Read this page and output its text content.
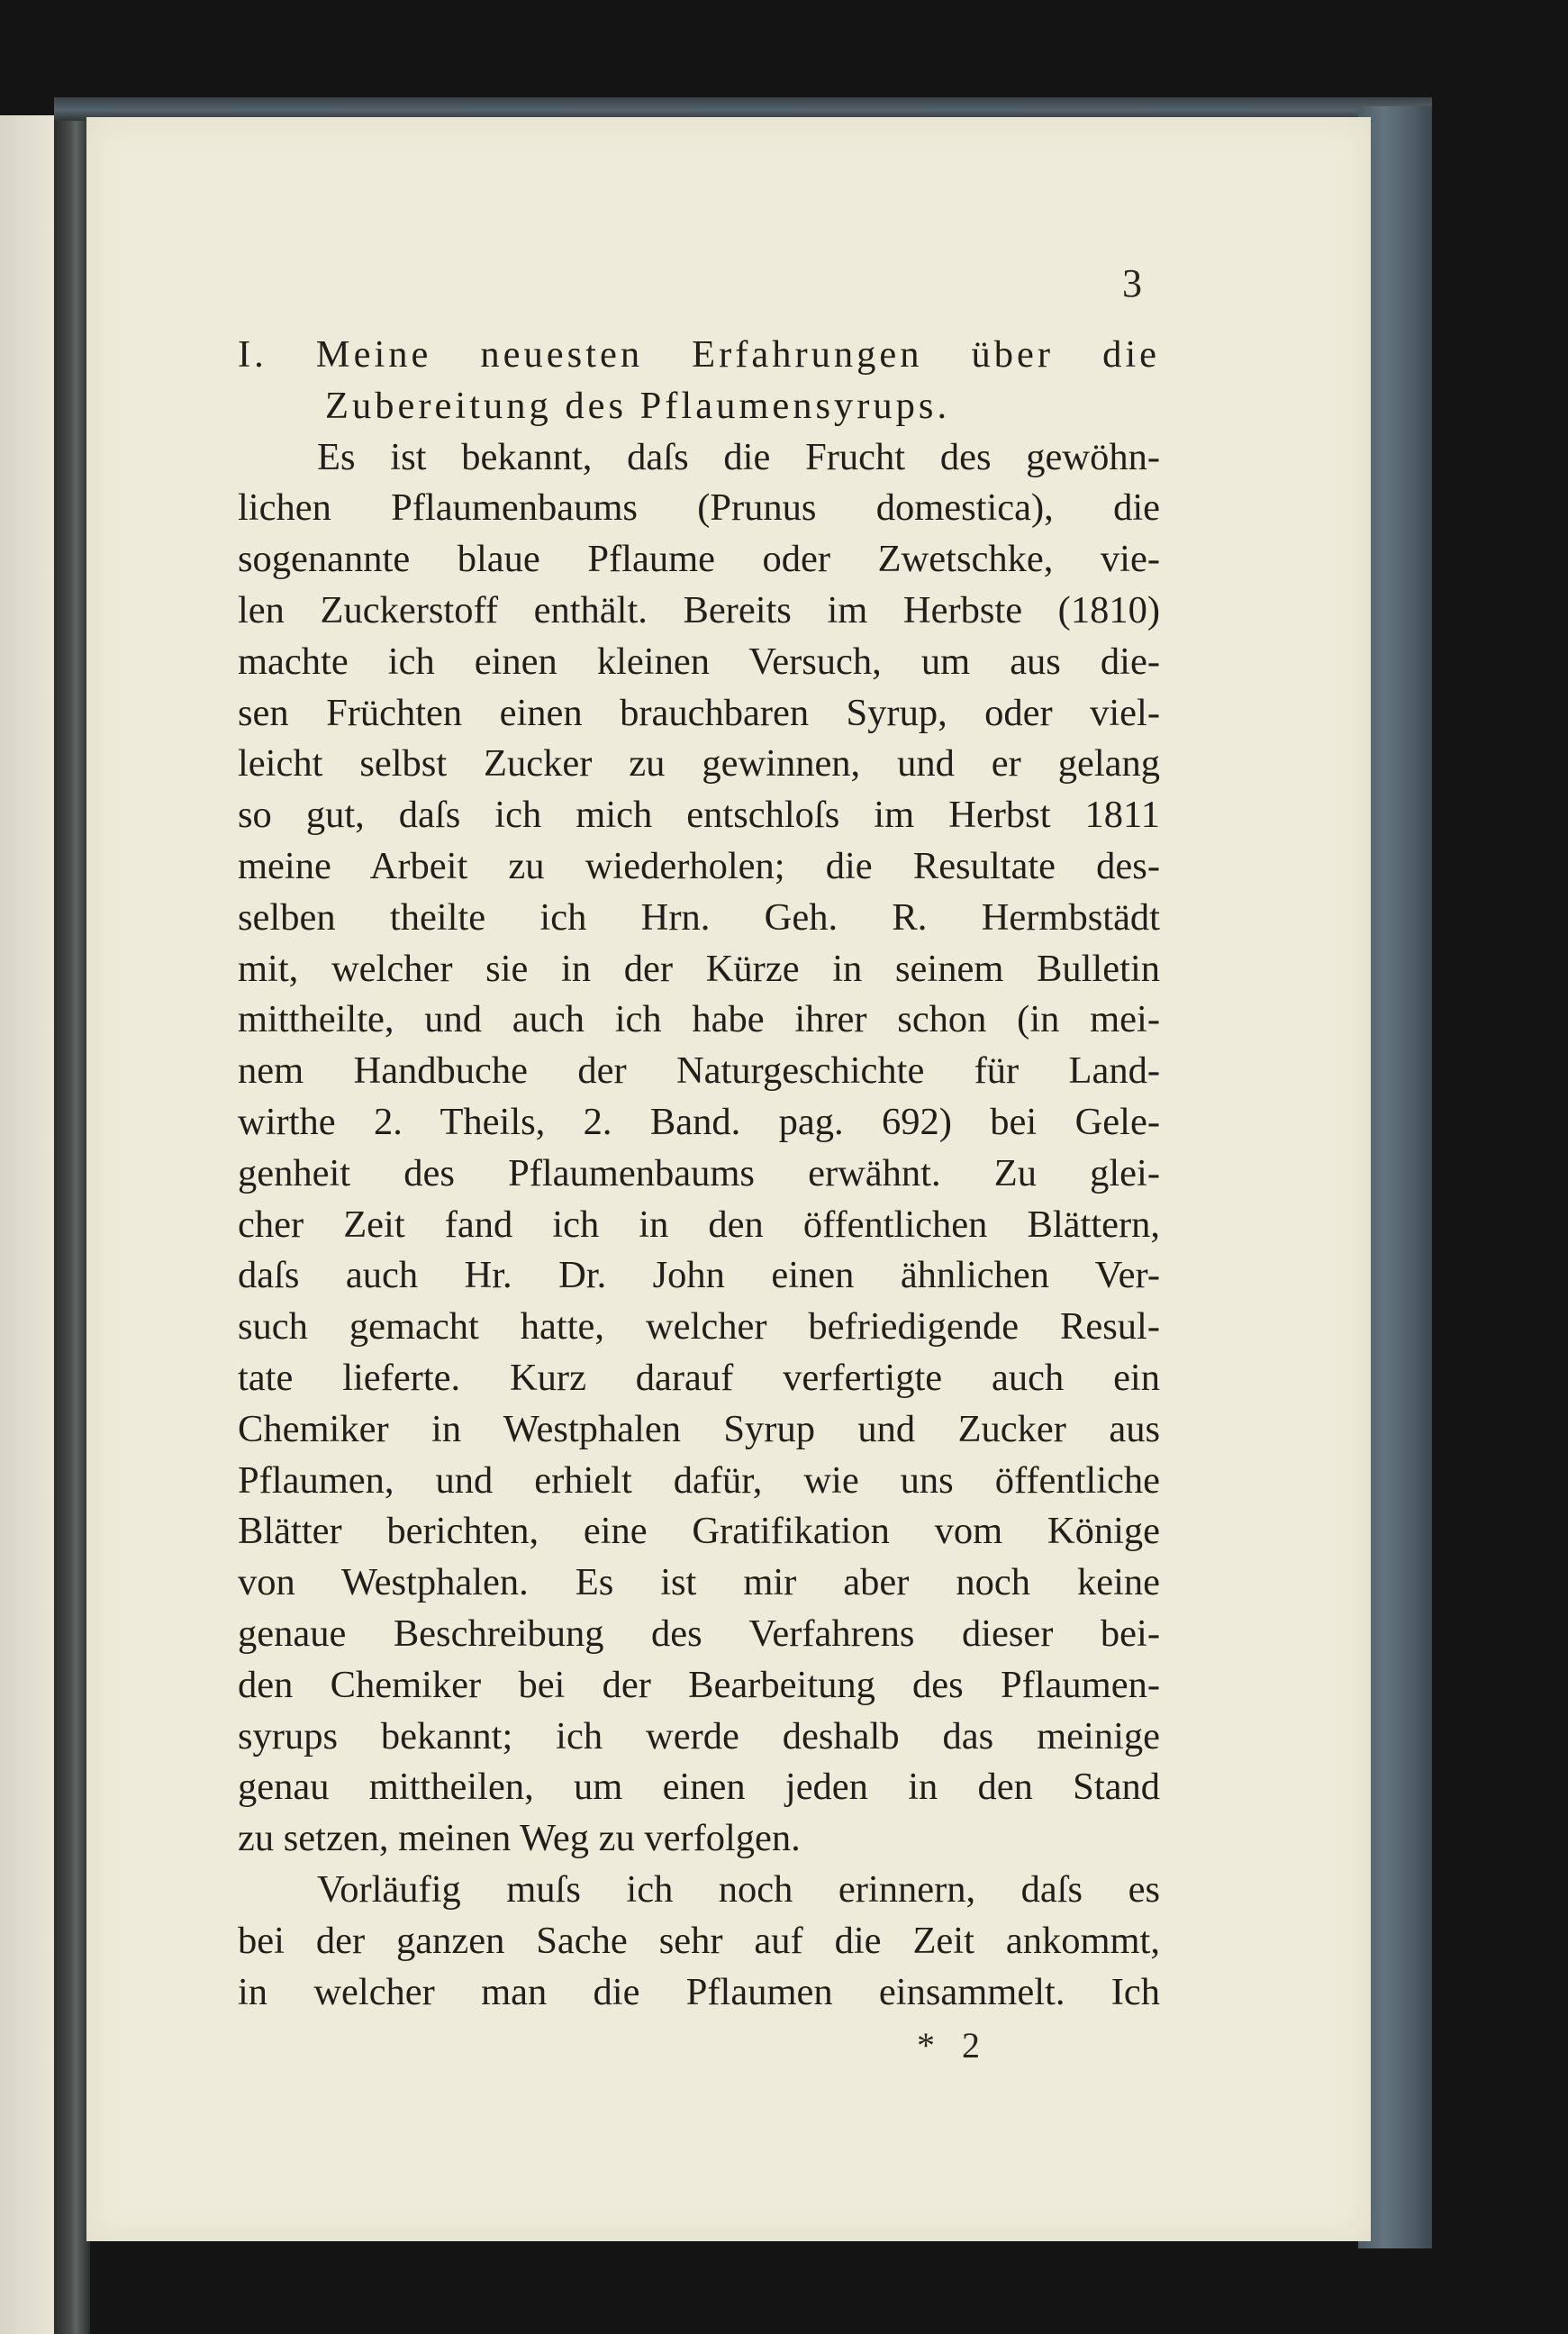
3
I. Meine neuesten Erfahrungen über die
Zubereitung des Pflaumensyrups.
Es ist bekannt, daſs die Frucht des gewöhn-
lichen Pflaumenbaums (Prunus domestica), die
sogenannte blaue Pflaume oder Zwetschke, vie-
len Zuckerstoff enthält. Bereits im Herbste (1810)
machte ich einen kleinen Versuch, um aus die-
sen Früchten einen brauchbaren Syrup, oder viel-
leicht selbst Zucker zu gewinnen, und er gelang
so gut, daſs ich mich entschloſs im Herbst 1811
meine Arbeit zu wiederholen; die Resultate des-
selben theilte ich Hrn. Geh. R. Hermbstädt
mit, welcher sie in der Kürze in seinem Bulletin
mittheilte, und auch ich habe ihrer schon (in mei-
nem Handbuche der Naturgeschichte für Land-
wirthe 2. Theils, 2. Band. pag. 692) bei Gele-
genheit des Pflaumenbaums erwähnt. Zu glei-
cher Zeit fand ich in den öffentlichen Blättern,
daſs auch Hr. Dr. John einen ähnlichen Ver-
such gemacht hatte, welcher befriedigende Resul-
tate lieferte. Kurz darauf verfertigte auch ein
Chemiker in Westphalen Syrup und Zucker aus
Pflaumen, und erhielt dafür, wie uns öffentliche
Blätter berichten, eine Gratifikation vom Könige
von Westphalen. Es ist mir aber noch keine
genaue Beschreibung des Verfahrens dieser bei-
den Chemiker bei der Bearbeitung des Pflaumen-
syrups bekannt; ich werde deshalb das meinige
genau mittheilen, um einen jeden in den Stand
zu setzen, meinen Weg zu verfolgen.
Vorläufig muſs ich noch erinnern, daſs es
bei der ganzen Sache sehr auf die Zeit ankommt,
in welcher man die Pflaumen einsammelt. Ich
* 2
